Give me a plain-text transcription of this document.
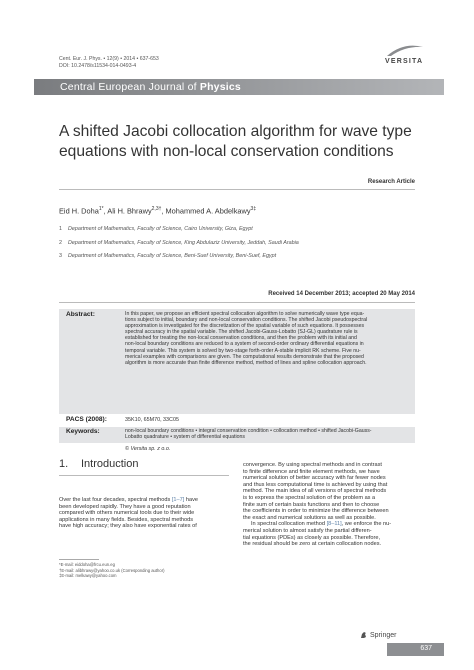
Cent. Eur. J. Phys. • 12(9) • 2014 • 637-653
DOI: 10.2478/s11534-014-0493-4
VERSITA
Central European Journal of Physics
A shifted Jacobi collocation algorithm for wave type equations with non-local conservation conditions
Research Article
Eid H. Doha$^{1*}$, Ali H. Bhrawy$^{2,3\dagger}$, Mohammed A. Abdelkawy$^{3\ddagger}$
1 Department of Mathematics, Faculty of Science, Cairo University, Giza, Egypt
2 Department of Mathematics, Faculty of Science, King Abdulaziz University, Jeddah, Saudi Arabia
3 Department of Mathematics, Faculty of Science, Beni-Suef University, Beni-Suef, Egypt
Received 14 December 2013; accepted 20 May 2014
Abstract:	In this paper, we propose an efficient spectral collocation algorithm to solve numerically wave type equa-
tions subject to initial, boundary and non-local conservation conditions. The shifted Jacobi pseudospectral
approximation is investigated for the discretization of the spatial variable of such equations. It possesses
spectral accuracy in the spatial variable. The shifted Jacobi-Gauss-Lobatto (SJ-GL) quadrature rule is
established for treating the non-local conservation conditions, and then the problem with its initial and
non-local boundary conditions are reduced to a system of second-order ordinary differential equations in
temporal variable. This system is solved by two-stage forth-order A-stable implicit RK scheme. Five nu-
merical examples with comparisons are given. The computational results demonstrate that the proposed
algorithm is more accurate than finite difference method, method of lines and spline collocation approach.
PACS (2008):	35K10, 65M70, 33C05
Keywords:	non-local boundary conditions • integral conservation condition • collocation method • shifted Jacobi-Gauss-
Lobatto quadrature • system of differential equations
© Versita sp. z o.o.
1. Introduction
Over the last four decades, spectral methods [1–7] have
been developed rapidly. They have a good reputation
compared with others numerical tools due to their wide
applications in many fields. Besides, spectral methods
have high accuracy; they also have exponential rates of
convergence. By using spectral methods and in contrast
to finite difference and finite element methods, we have
numerical solution of better accuracy with far fewer nodes
and thus less computational time is achieved by using that
method. The main idea of all versions of spectral methods
is to express the spectral solution of the problem as a
finite sum of certain basis functions and then to choose
the coefficients in order to minimize the difference between
the exact and numerical solutions as well as possible.
In spectral collocation method [8–11], we enforce the nu-
merical solution to almost satisfy the partial differen-
tial equations (PDEs) as closely as possible. Therefore,
the residual should be zero at certain collocation nodes.
*E-mail: eiddoha@frcu.eun.eg
†E-mail: alibhrawy@yahoo.co.uk (Corresponding author)
‡E-mail: melkawy@yahoo.com
Springer
637
